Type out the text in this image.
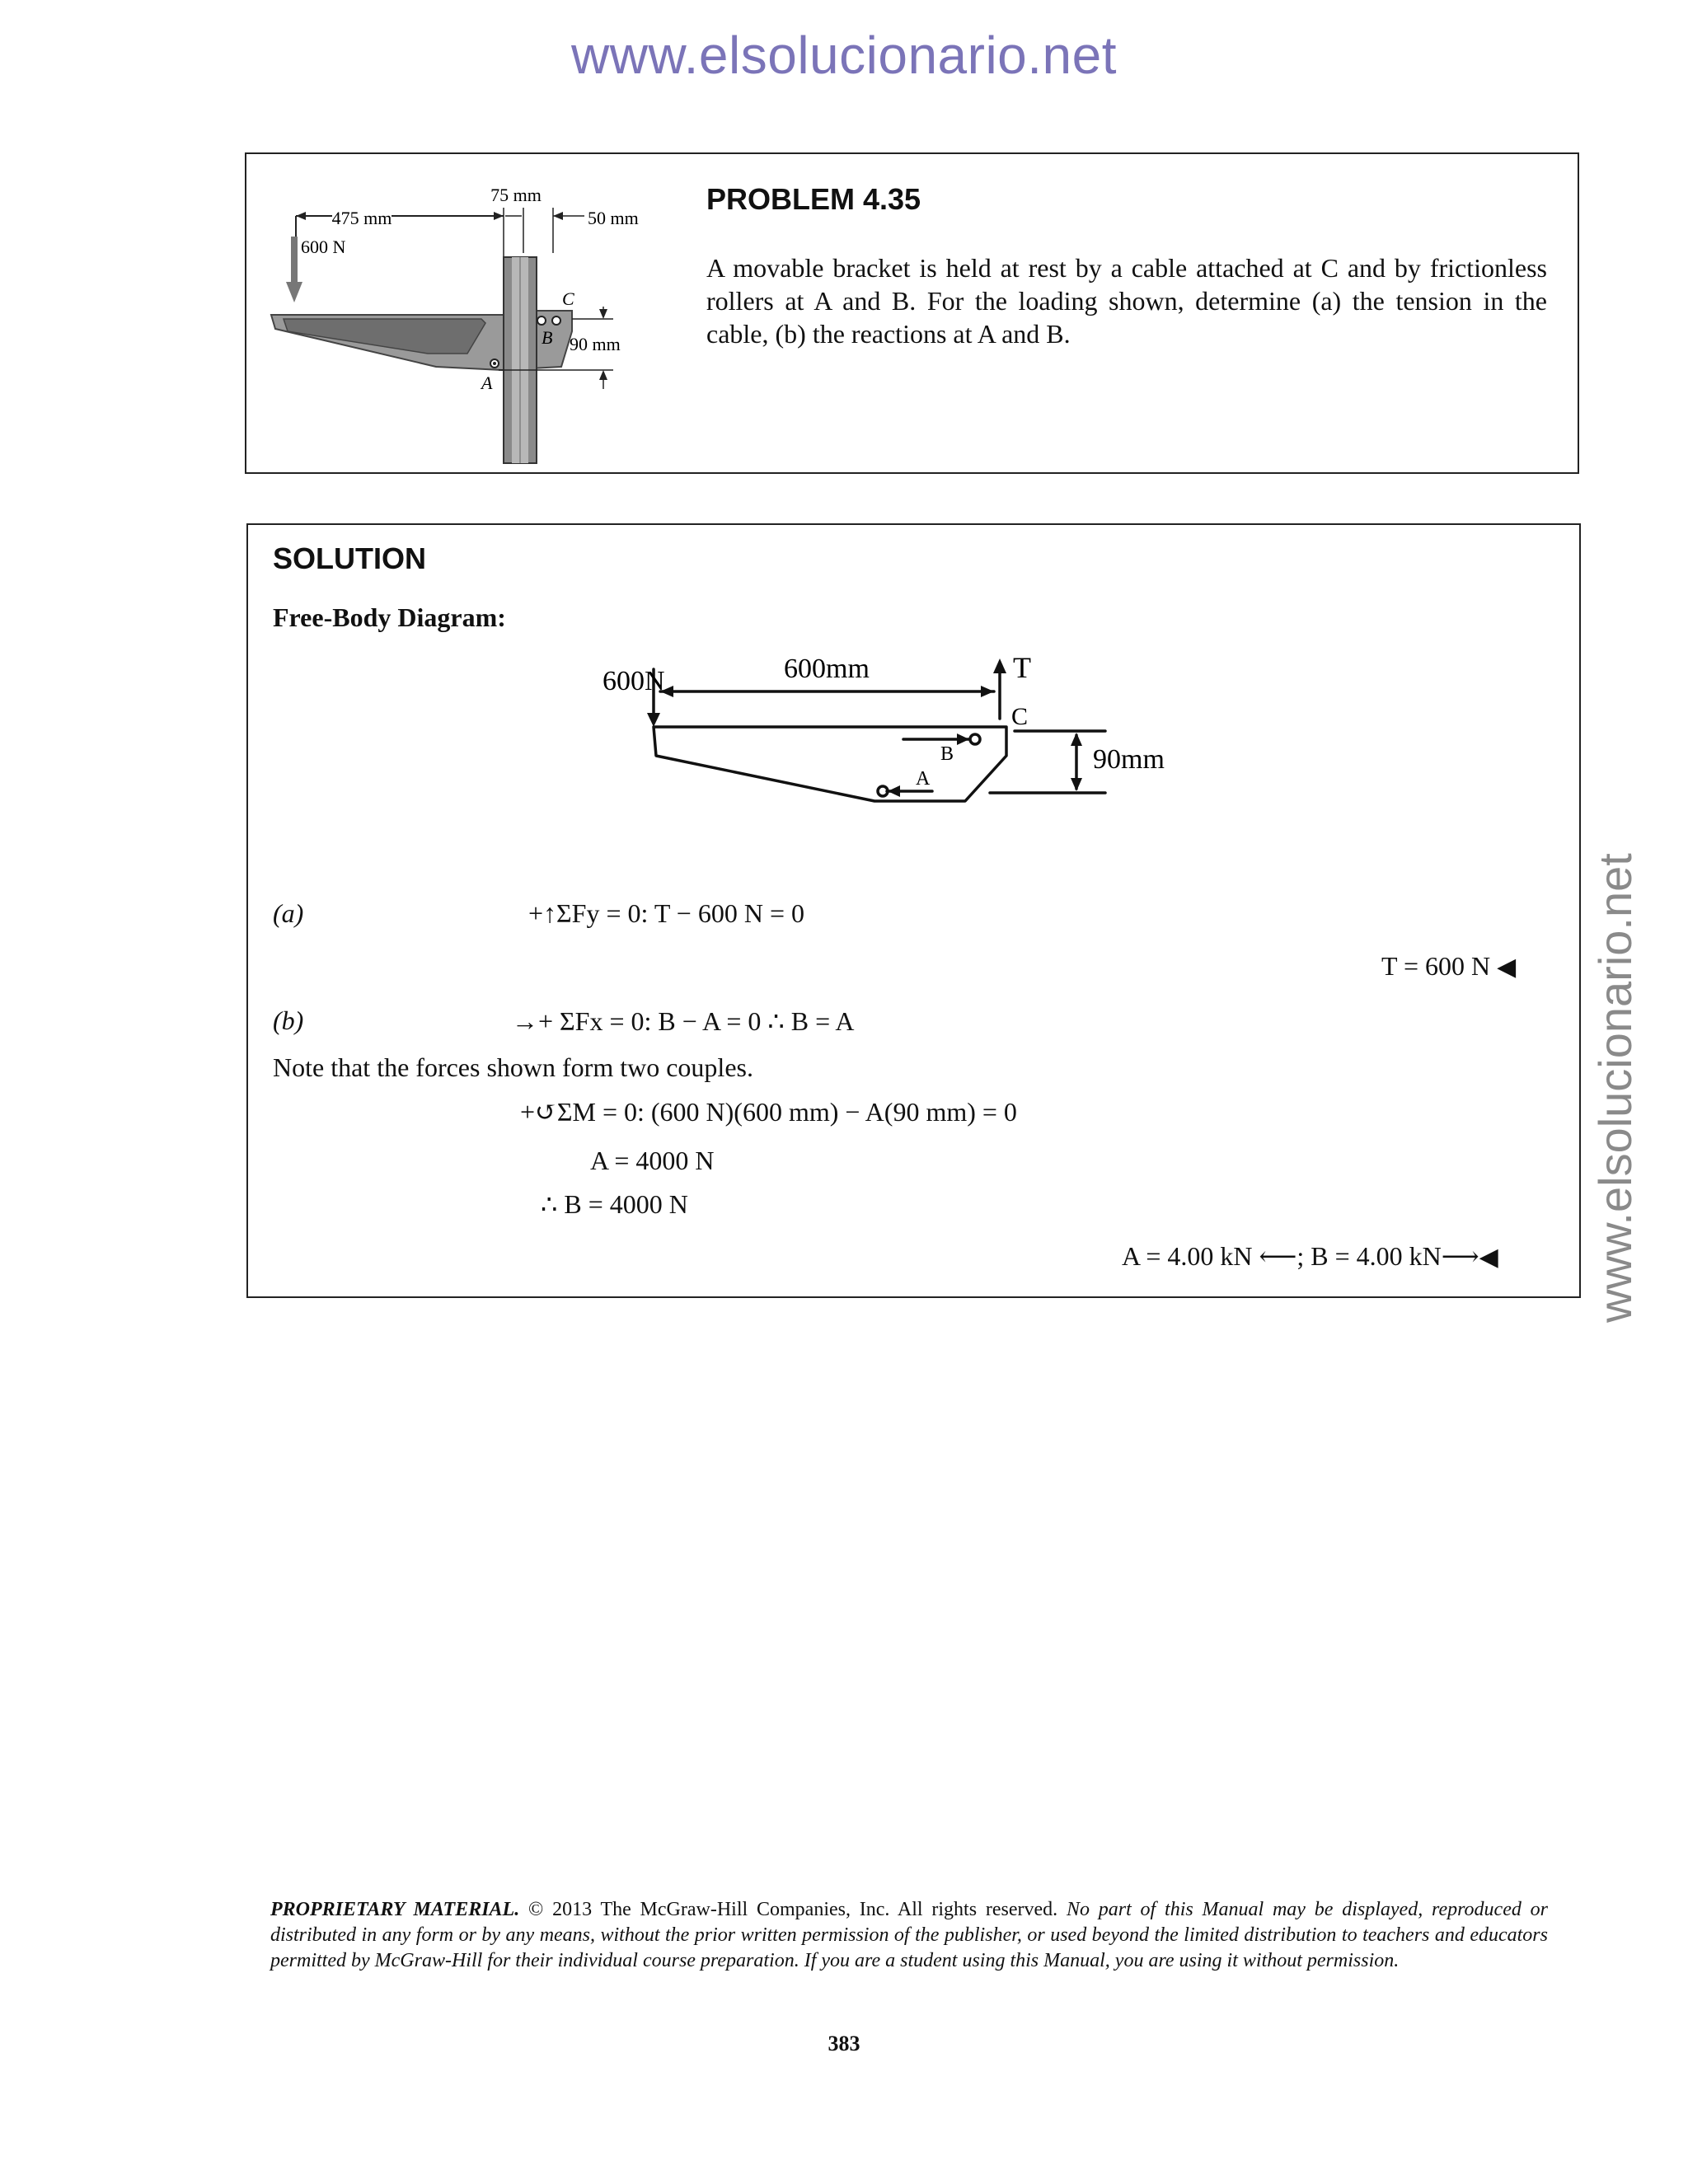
www.elsolucionario.net
www.elsolucionario.net
475 mm
75 mm
50 mm
600 N
C
B
A
90 mm
PROBLEM 4.35
A movable bracket is held at rest by a cable attached at C and by frictionless rollers at A and B. For the loading shown, determine (a) the tension in the cable, (b) the reactions at A and B.
SOLUTION
Free-Body Diagram:
600N	600mm	T
C
B
A
90mm
(a)	+↑ΣFy = 0: T − 600 N = 0
T = 600 N ◀
(b)	→+ ΣFx = 0: B − A = 0 ∴ B = A
Note that the forces shown form two couples.
+↺ΣM = 0: (600 N)(600 mm) − A(90 mm) = 0
A = 4000 N
∴ B = 4000 N
A = 4.00 kN ⟵; B = 4.00 kN⟶◀
PROPRIETARY MATERIAL. © 2013 The McGraw-Hill Companies, Inc. All rights reserved. No part of this Manual may be displayed, reproduced or distributed in any form or by any means, without the prior written permission of the publisher, or used beyond the limited distribution to teachers and educators permitted by McGraw-Hill for their individual course preparation. If you are a student using this Manual, you are using it without permission.
383
